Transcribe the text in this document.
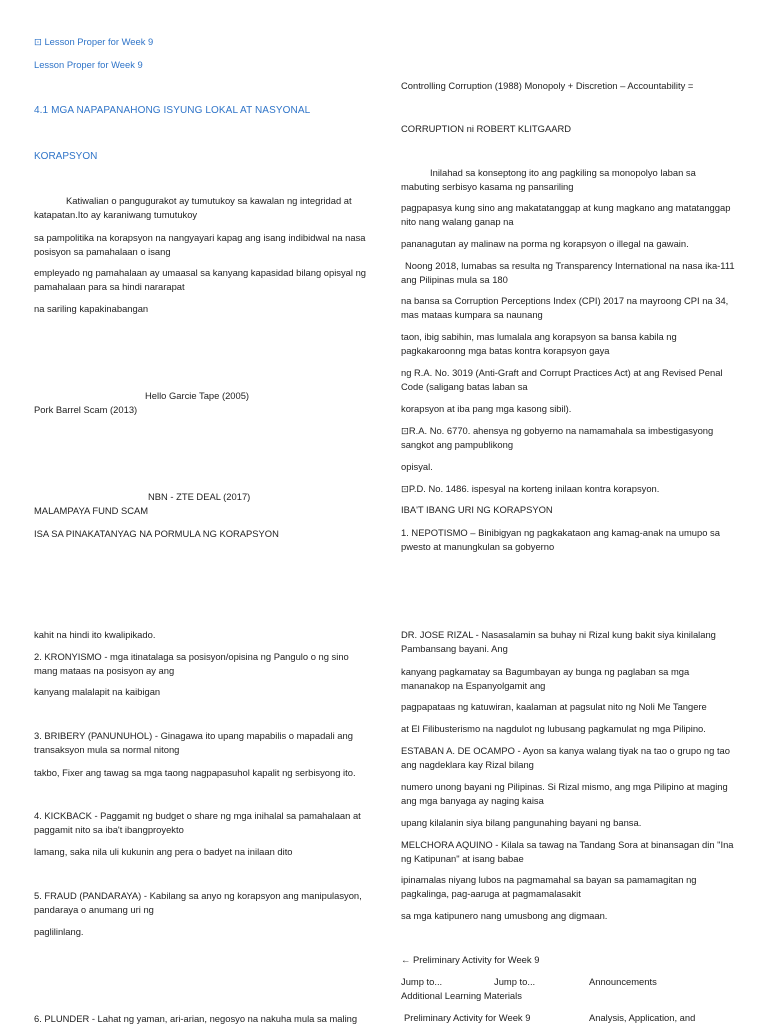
⊡ Lesson Proper for Week 9
Lesson Proper for Week 9
4.1 MGA NAPAPANAHONG ISYUNG LOKAL AT NASYONAL
KORAPSYON
Katiwalian o pangugurakot ay tumutukoy sa kawalan ng integridad at katapatan.Ito ay karaniwang tumutukoy
sa pampolitika na korapsyon na nangyayari kapag ang isang indibidwal na nasa posisyon sa pamahalaan o isang
empleyado ng pamahalaan ay umaasal sa kanyang kapasidad bilang opisyal ng pamahalaan para sa hindi nararapat
na sariling kapakinabangan
Hello Garcie Tape (2005)
Pork Barrel Scam (2013)
NBN - ZTE DEAL (2017)
MALAMPAYA FUND SCAM
ISA SA PINAKATANYAG NA PORMULA NG KORAPSYON
Controlling Corruption (1988) Monopoly + Discretion – Accountability =
CORRUPTION ni ROBERT KLITGAARD
Inilahad sa konseptong ito ang pagkiling sa monopolyo laban sa mabuting serbisyo kasama ng pansariling
pagpapasya kung sino ang makatatanggap at kung magkano ang matatanggap nito nang walang ganap na
pananagutan ay malinaw na porma ng korapsyon o illegal na gawain.
Noong 2018, lumabas sa resulta ng Transparency International na nasa ika-111 ang Pilipinas mula sa 180
na bansa sa Corruption Perceptions Index (CPI) 2017 na mayroong CPI na 34, mas mataas kumpara sa naunang
taon, ibig sabihin, mas lumalala ang korapsyon sa bansa kabila ng pagkakaroonng mga batas kontra korapsyon gaya
ng R.A. No. 3019 (Anti-Graft and Corrupt Practices Act) at ang Revised Penal Code (saligang batas laban sa
korapsyon at iba pang mga kasong sibil).
⊡R.A. No. 6770. ahensya ng gobyerno na namamahala sa imbestigasyong sangkot ang pampublikong
opisyal.
⊡P.D. No. 1486. ispesyal na korteng inilaan kontra korapsyon.
IBA'T IBANG URI NG KORAPSYON
1. NEPOTISMO – Binibigyan ng pagkakataon ang kamag-anak na umupo sa pwesto at manungkulan sa gobyerno
kahit na hindi ito kwalipikado.
2. KRONYISMO - mga itinatalaga sa posisyon/opisina ng Pangulo o ng sino mang mataas na posisyon ay ang
kanyang malalapit na kaibigan
3. BRIBERY (PANUNUHOL) - Ginagawa ito upang mapabilis o mapadali ang transaksyon mula sa normal nitong
takbo, Fixer ang tawag sa mga taong nagpapasuhol kapalit ng serbisyong ito.
4. KICKBACK - Paggamit ng budget o share ng mga inihalal sa pamahalaan at paggamit nito sa iba't ibangproyekto
lamang, saka nila uli kukunin ang pera o badyet na inilaan dito
5. FRAUD (PANDARAYA) - Kabilang sa anyo ng korapsyon ang manipulasyon, pandaraya o anumang uri ng
paglilinlang.
6. PLUNDER - Lahat ng yaman, ari-arian, negosyo na nakuha mula sa maling
DR. JOSE RIZAL - Nasasalamin sa buhay ni Rizal kung bakit siya kinilalang Pambansang bayani. Ang
kanyang pagkamatay sa Bagumbayan ay bunga ng paglaban sa mga mananakop na Espanyolgamit ang
pagpapataas ng katuwiran, kaalaman at pagsulat nito ng Noli Me Tangere
at El Filibusterismo na nagdulot ng lubusang pagkamulat ng mga Pilipino.
ESTABAN A. DE OCAMPO - Ayon sa kanya walang tiyak na tao o grupo ng tao ang nagdeklara kay Rizal bilang
numero unong bayani ng Pilipinas. Si Rizal mismo, ang mga Pilipino at maging ang mga banyaga ay naging kaisa
upang kilalanin siya bilang pangunahing bayani ng bansa.
MELCHORA AQUINO - Kilala sa tawag na Tandang Sora at binansagan din "Ina ng Katipunan" at isang babae
ipinamalas niyang lubos na pagmamahal sa bayan sa pamamagitan ng pagkalinga, pag-aaruga at pagmamalasakit
sa mga katipunero nang umusbong ang digmaan.
← Preliminary Activity for Week 9
Jump to...	Jump to...	Announcements
Additional Learning Materials
Preliminary Activity for Week 9	Analysis, Application, and
